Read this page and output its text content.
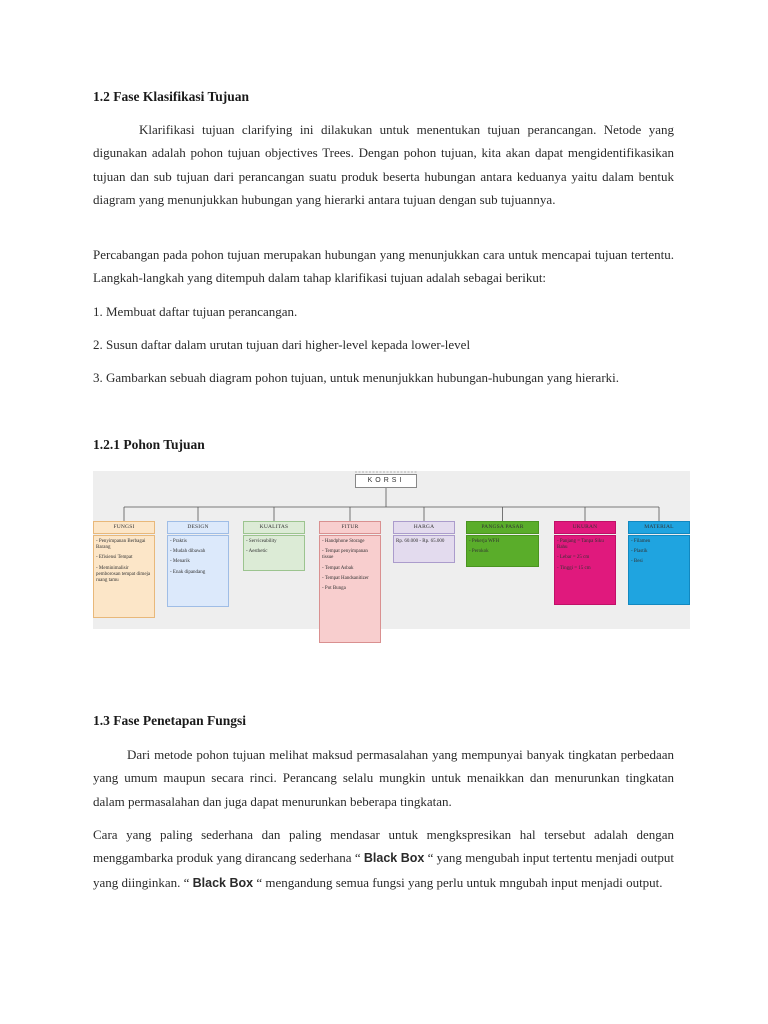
1.2 Fase Klasifikasi Tujuan
Klarifikasi tujuan clarifying ini dilakukan untuk menentukan tujuan perancangan. Netode yang digunakan adalah pohon tujuan objectives Trees. Dengan pohon tujuan, kita akan dapat mengidentifikasikan tujuan dan sub tujuan dari perancangan suatu produk beserta hubungan antara keduanya yaitu dalam bentuk diagram yang menunjukkan hubungan yang hierarki antara tujuan dengan sub tujuannya.
Percabangan pada pohon tujuan merupakan hubungan yang menunjukkan cara untuk mencapai tujuan tertentu. Langkah-langkah yang ditempuh dalam tahap klarifikasi tujuan adalah sebagai berikut:
1. Membuat daftar tujuan perancangan.
2. Susun daftar dalam urutan tujuan dari higher-level kepada lower-level
3. Gambarkan sebuah diagram pohon tujuan, untuk menunjukkan hubungan-hubungan yang hierarki.
1.2.1 Pohon Tujuan
KORSI
FUNGSI
- Penyimpanan Berbagai Barang
- Efisiensi Tempat
- Meminimalisir pemborosan tempat dimeja ruang tamu
DESIGN
- Praktis
- Mudah dibawah
- Menarik
- Enak dipandang
KUALITAS
- Serviceability
- Aesthetic
FITUR
- Handphone Storage
- Tempat penyimpanan tissue
- Tempat Asbak
- Tempat Handsanitizer
- Pot Bunga
HARGA
Rp. 60.000 - Rp. 65.000
PANGSA PASAR
- Pekerja WFH
- Perokok
UKURAN
- Panjang = Tanpa Siku Bahu
- Lebar = 25 cm
- Tinggi = 15 cm
MATERIAL
- Filamen
- Plastik
- Besi
1.3 Fase Penetapan Fungsi
Dari metode pohon tujuan melihat maksud permasalahan yang mempunyai banyak tingkatan perbedaan yang umum maupun secara rinci. Perancang selalu mungkin untuk menaikkan dan menurunkan tingkatan dalam permasalahan dan juga dapat menurunkan beberapa tingkatan.
Cara yang paling sederhana dan paling mendasar untuk mengkspresikan hal tersebut adalah dengan menggambarka produk yang dirancang sederhana “ Black Box “ yang mengubah input tertentu menjadi output yang diinginkan. “ Black Box “ mengandung semua fungsi yang perlu untuk mngubah input menjadi output.
